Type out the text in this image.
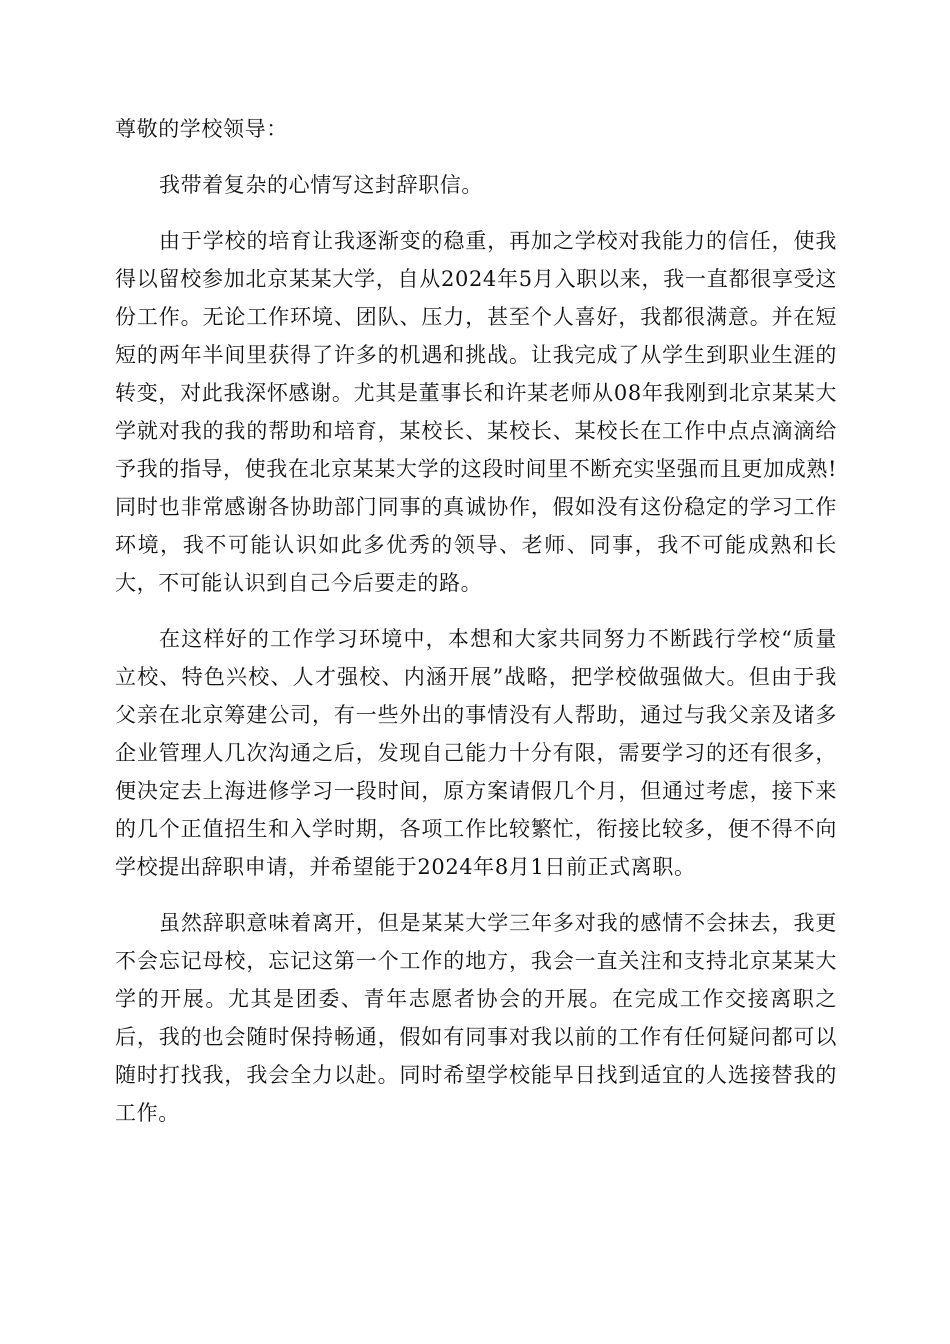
尊敬的学校领导：

我带着复杂的心情写这封辞职信。

由于学校的培育让我逐渐变的稳重，再加之学校对我能力的信任，使我得以留校参加北京某某大学，自从2024年5月入职以来，我一直都很享受这份工作。无论工作环境、团队、压力，甚至个人喜好，我都很满意。并在短短的两年半间里获得了许多的机遇和挑战。让我完成了从学生到职业生涯的转变，对此我深怀感谢。尤其是董事长和许某老师从08年我刚到北京某某大学就对我的我的帮助和培育，某校长、某校长、某校长在工作中点点滴滴给予我的指导，使我在北京某某大学的这段时间里不断充实坚强而且更加成熟!同时也非常感谢各协助部门同事的真诚协作，假如没有这份稳定的学习工作环境，我不可能认识如此多优秀的领导、老师、同事，我不可能成熟和长大，不可能认识到自己今后要走的路。

在这样好的工作学习环境中，本想和大家共同努力不断践行学校“质量立校、特色兴校、人才强校、内涵开展”战略，把学校做强做大。但由于我父亲在北京筹建公司，有一些外出的事情没有人帮助，通过与我父亲及诸多企业管理人几次沟通之后，发现自己能力十分有限，需要学习的还有很多，便决定去上海进修学习一段时间，原方案请假几个月，但通过考虑，接下来的几个正值招生和入学时期，各项工作比较繁忙，衔接比较多，便不得不向学校提出辞职申请，并希望能于2024年8月1日前正式离职。

虽然辞职意味着离开，但是某某大学三年多对我的感情不会抹去，我更不会忘记母校，忘记这第一个工作的地方，我会一直关注和支持北京某某大学的开展。尤其是团委、青年志愿者协会的开展。在完成工作交接离职之后，我的也会随时保持畅通，假如有同事对我以前的工作有任何疑问都可以随时打找我，我会全力以赴。同时希望学校能早日找到适宜的人选接替我的工作。
